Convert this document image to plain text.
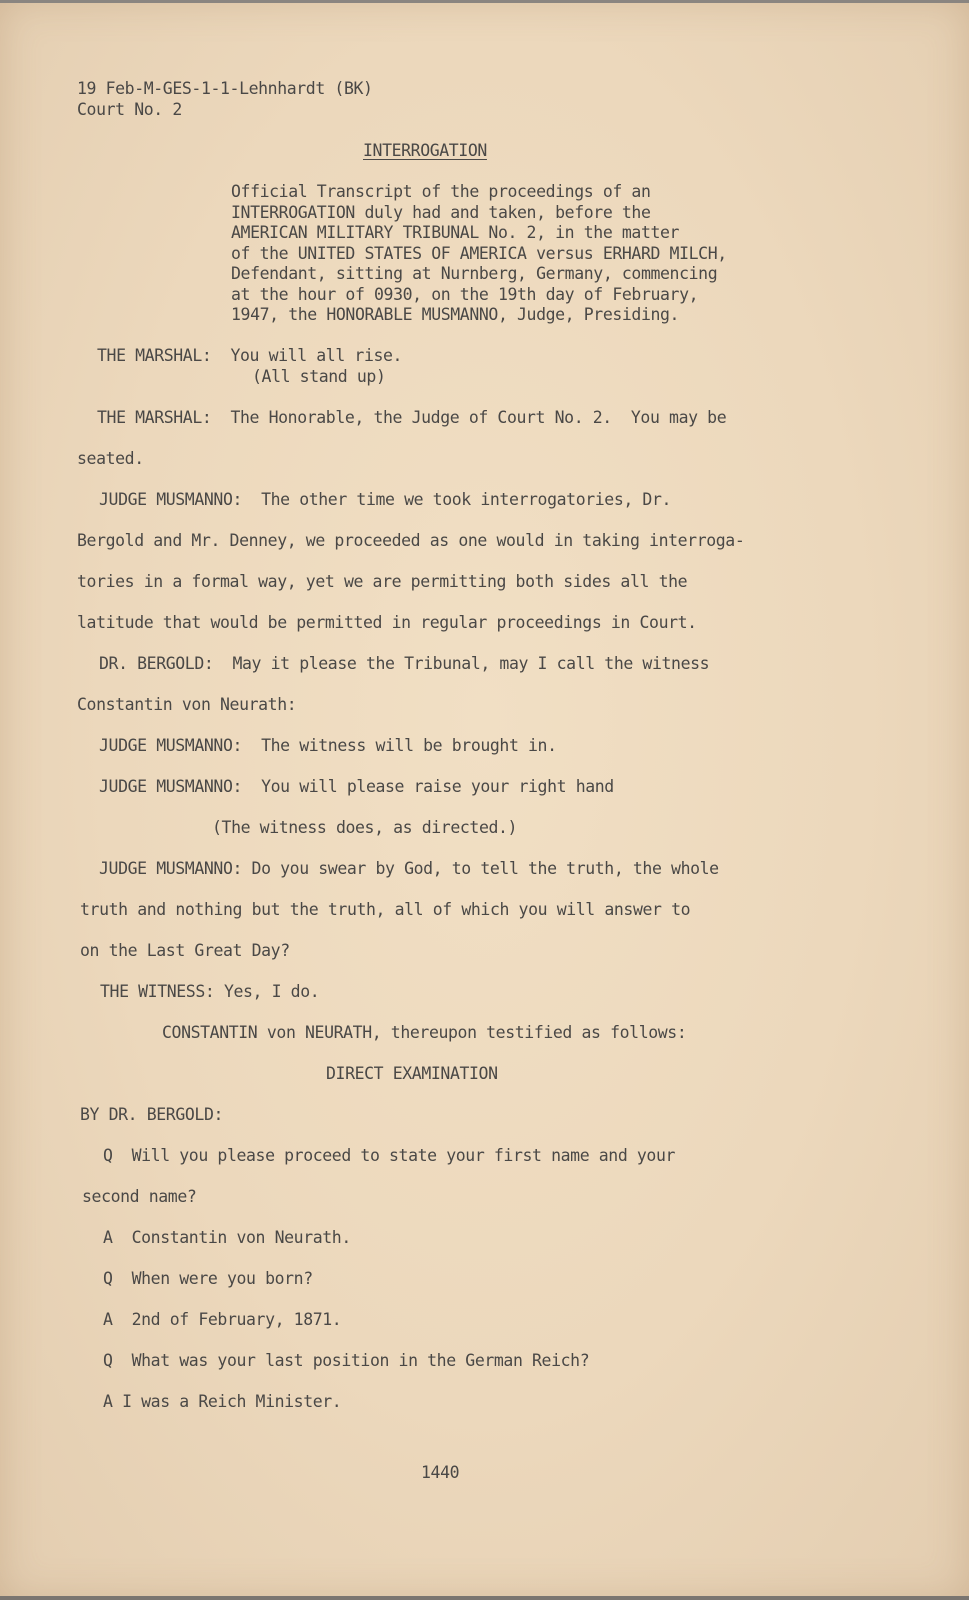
19 Feb-M-GES-1-1-Lehnhardt (BK)
Court No. 2
INTERROGATION
Official Transcript of the proceedings of an
INTERROGATION duly had and taken, before the
AMERICAN MILITARY TRIBUNAL No. 2, in the matter
of the UNITED STATES OF AMERICA versus ERHARD MILCH,
Defendant, sitting at Nurnberg, Germany, commencing
at the hour of 0930, on the 19th day of February,
1947, the HONORABLE MUSMANNO, Judge, Presiding.
THE MARSHAL:  You will all rise.
(All stand up)
THE MARSHAL:  The Honorable, the Judge of Court No. 2.  You may be
seated.
JUDGE MUSMANNO:  The other time we took interrogatories, Dr.
Bergold and Mr. Denney, we proceeded as one would in taking interroga-
tories in a formal way, yet we are permitting both sides all the
latitude that would be permitted in regular proceedings in Court.
DR. BERGOLD:  May it please the Tribunal, may I call the witness
Constantin von Neurath:
JUDGE MUSMANNO:  The witness will be brought in.
JUDGE MUSMANNO:  You will please raise your right hand
(The witness does, as directed.)
JUDGE MUSMANNO: Do you swear by God, to tell the truth, the whole
truth and nothing but the truth, all of which you will answer to
on the Last Great Day?
THE WITNESS: Yes, I do.
CONSTANTIN von NEURATH, thereupon testified as follows:
DIRECT EXAMINATION
BY DR. BERGOLD:
Q  Will you please proceed to state your first name and your
second name?
A  Constantin von Neurath.
Q  When were you born?
A  2nd of February, 1871.
Q  What was your last position in the German Reich?
A I was a Reich Minister.
1440
